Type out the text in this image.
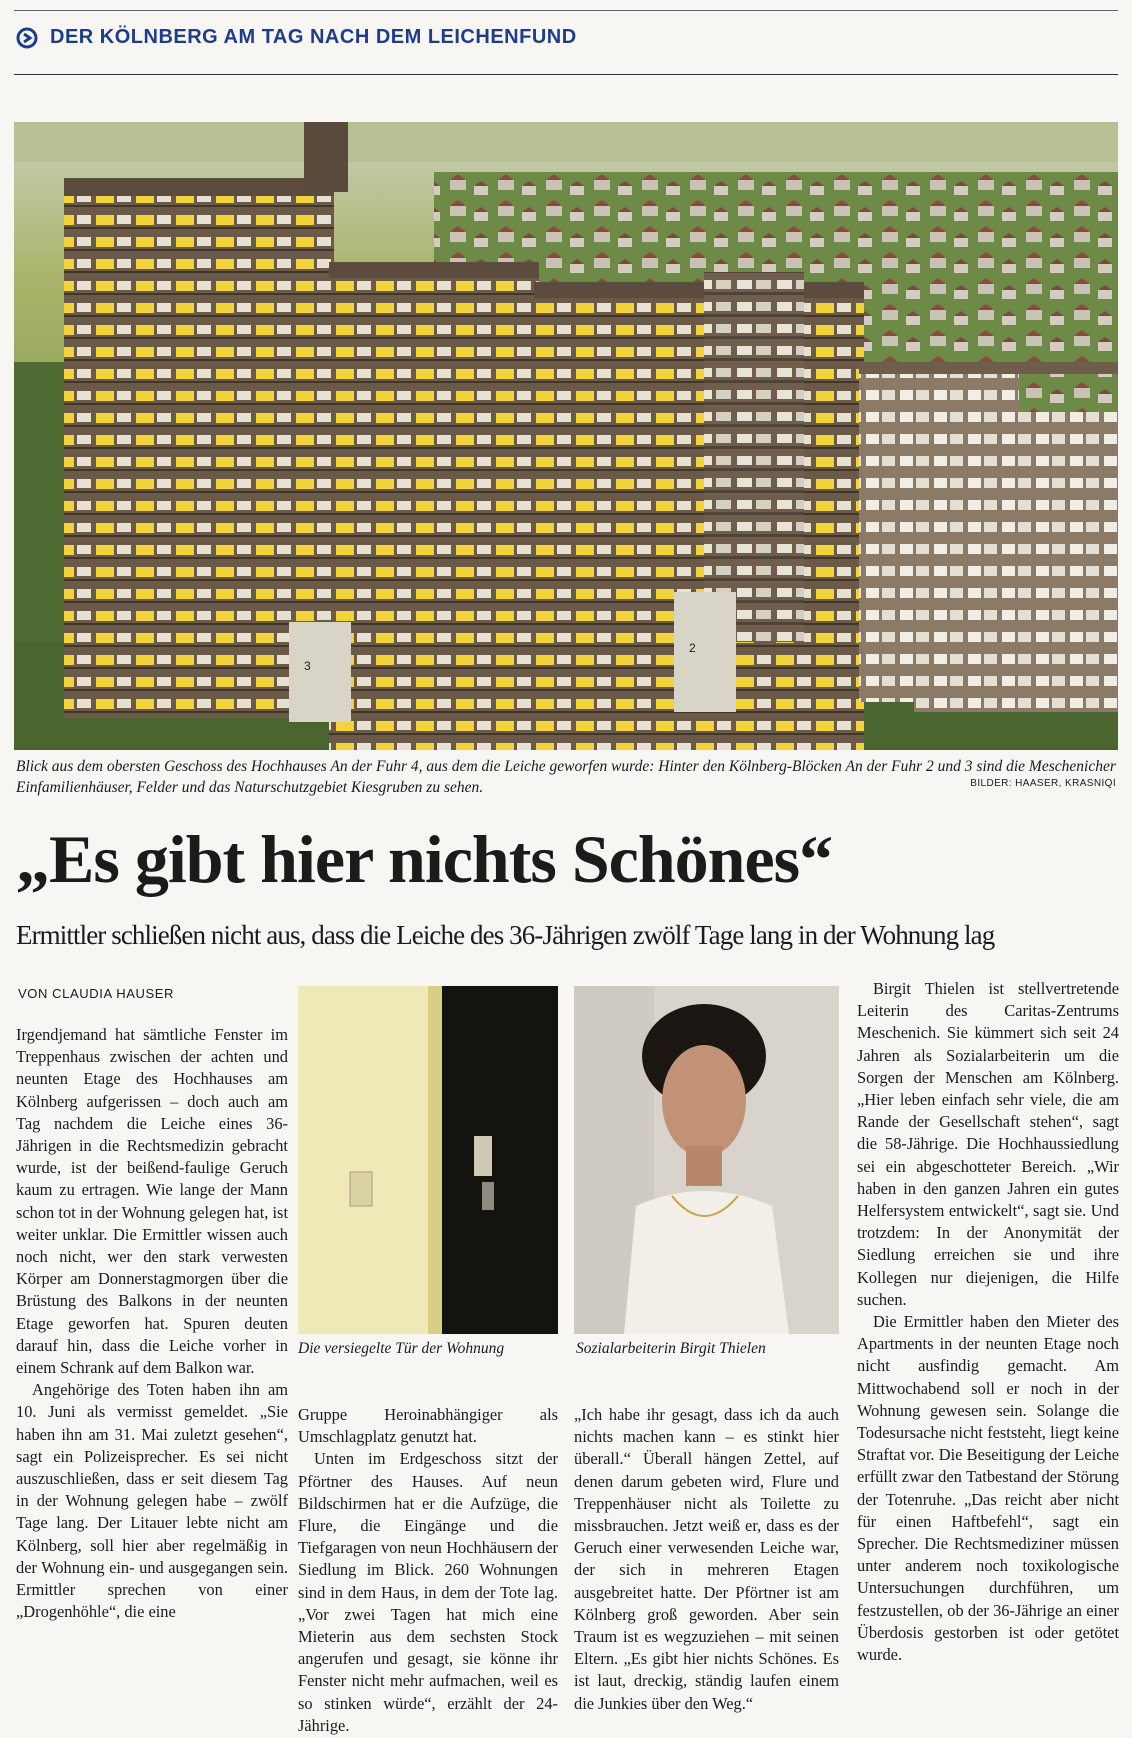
DER KÖLNBERG AM TAG NACH DEM LEICHENFUND
3
2
Blick aus dem obersten Geschoss des Hochhauses An der Fuhr 4, aus dem die Leiche geworfen wurde: Hinter den Kölnberg-Blöcken An der Fuhr 2 und 3 sind die Meschenicher Einfamilienhäuser, Felder und das Naturschutzgebiet Kiesgruben zu sehen.	BILDER: HAASER, KRASNIQI
„Es gibt hier nichts Schönes“
Ermittler schließen nicht aus, dass die Leiche des 36-Jährigen zwölf Tage lang in der Wohnung lag
VON CLAUDIA HAUSER

Irgendjemand hat sämtliche Fenster im Treppenhaus zwischen der achten und neunten Etage des Hochhauses am Kölnberg aufgerissen – doch auch am Tag nachdem die Leiche eines 36-Jährigen in die Rechtsmedizin gebracht wurde, ist der beißend-faulige Geruch kaum zu ertragen. Wie lange der Mann schon tot in der Wohnung gelegen hat, ist weiter unklar. Die Ermittler wissen auch noch nicht, wer den stark verwesten Körper am Donnerstagmorgen über die Brüstung des Balkons in der neunten Etage geworfen hat. Spuren deuten darauf hin, dass die Leiche vorher in einem Schrank auf dem Balkon war.

Angehörige des Toten haben ihn am 10. Juni als vermisst gemeldet. „Sie haben ihn am 31. Mai zuletzt gesehen“, sagt ein Polizeisprecher. Es sei nicht auszuschließen, dass er seit diesem Tag in der Wohnung gelegen habe – zwölf Tage lang. Der Litauer lebte nicht am Kölnberg, soll hier aber regelmäßig in der Wohnung ein- und ausgegangen sein. Ermittler sprechen von einer „Drogenhöhle“, die eine

Die versiegelte Tür der Wohnung	Sozialarbeiterin Birgit Thielen

Gruppe Heroinabhängiger als Umschlagplatz genutzt hat.

Unten im Erdgeschoss sitzt der Pförtner des Hauses. Auf neun Bildschirmen hat er die Aufzüge, die Flure, die Eingänge und die Tiefgaragen von neun Hochhäusern der Siedlung im Blick. 260 Wohnungen sind in dem Haus, in dem der Tote lag. „Vor zwei Tagen hat mich eine Mieterin aus dem sechsten Stock angerufen und gesagt, sie könne ihr Fenster nicht mehr aufmachen, weil es so stinken würde“, erzählt der 24-Jährige.

„Ich habe ihr gesagt, dass ich da auch nichts machen kann – es stinkt hier überall.“ Überall hängen Zettel, auf denen darum gebeten wird, Flure und Treppenhäuser nicht als Toilette zu missbrauchen. Jetzt weiß er, dass es der Geruch einer verwesenden Leiche war, der sich in mehreren Etagen ausgebreitet hatte. Der Pförtner ist am Kölnberg groß geworden. Aber sein Traum ist es wegzuziehen – mit seinen Eltern. „Es gibt hier nichts Schönes. Es ist laut, dreckig, ständig laufen einem die Junkies über den Weg.“

Birgit Thielen ist stellvertretende Leiterin des Caritas-Zentrums Meschenich. Sie kümmert sich seit 24 Jahren als Sozialarbeiterin um die Sorgen der Menschen am Kölnberg. „Hier leben einfach sehr viele, die am Rande der Gesellschaft stehen“, sagt die 58-Jährige. Die Hochhaussiedlung sei ein abgeschotteter Bereich. „Wir haben in den ganzen Jahren ein gutes Helfersystem entwickelt“, sagt sie. Und trotzdem: In der Anonymität der Siedlung erreichen sie und ihre Kollegen nur diejenigen, die Hilfe suchen.

Die Ermittler haben den Mieter des Apartments in der neunten Etage noch nicht ausfindig gemacht. Am Mittwochabend soll er noch in der Wohnung gewesen sein. Solange die Todesursache nicht feststeht, liegt keine Straftat vor. Die Beseitigung der Leiche erfüllt zwar den Tatbestand der Störung der Totenruhe. „Das reicht aber nicht für einen Haftbefehl“, sagt ein Sprecher. Die Rechtsmediziner müssen unter anderem noch toxikologische Untersuchungen durchführen, um festzustellen, ob der 36-Jährige an einer Überdosis gestorben ist oder getötet wurde.
